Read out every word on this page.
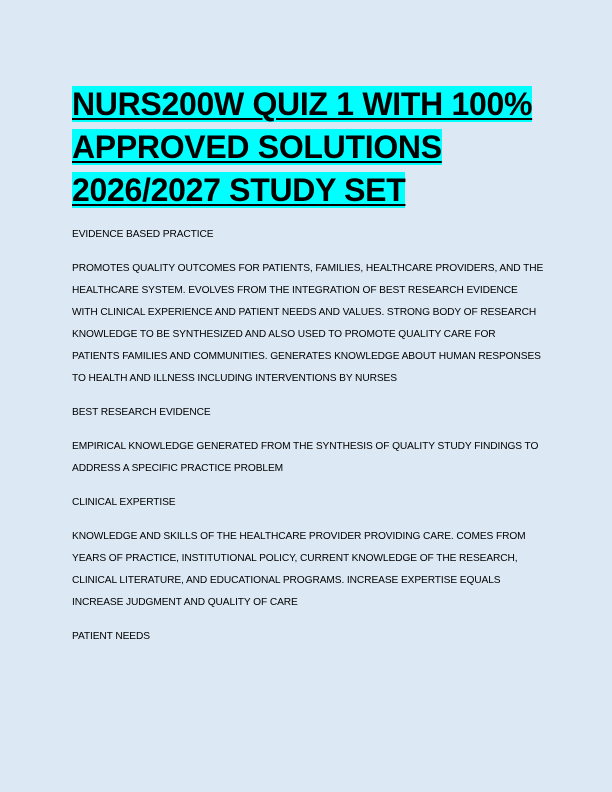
NURS200W QUIZ 1 WITH 100% APPROVED SOLUTIONS 2026/2027 STUDY SET

EVIDENCE BASED PRACTICE

PROMOTES QUALITY OUTCOMES FOR PATIENTS, FAMILIES, HEALTHCARE PROVIDERS, AND THE HEALTHCARE SYSTEM. EVOLVES FROM THE INTEGRATION OF BEST RESEARCH EVIDENCE WITH CLINICAL EXPERIENCE AND PATIENT NEEDS AND VALUES. STRONG BODY OF RESEARCH KNOWLEDGE TO BE SYNTHESIZED AND ALSO USED TO PROMOTE QUALITY CARE FOR PATIENTS FAMILIES AND COMMUNITIES. GENERATES KNOWLEDGE ABOUT HUMAN RESPONSES TO HEALTH AND ILLNESS INCLUDING INTERVENTIONS BY NURSES

BEST RESEARCH EVIDENCE

EMPIRICAL KNOWLEDGE GENERATED FROM THE SYNTHESIS OF QUALITY STUDY FINDINGS TO ADDRESS A SPECIFIC PRACTICE PROBLEM

CLINICAL EXPERTISE

KNOWLEDGE AND SKILLS OF THE HEALTHCARE PROVIDER PROVIDING CARE. COMES FROM YEARS OF PRACTICE, INSTITUTIONAL POLICY, CURRENT KNOWLEDGE OF THE RESEARCH, CLINICAL LITERATURE, AND EDUCATIONAL PROGRAMS. INCREASE EXPERTISE EQUALS INCREASE JUDGMENT AND QUALITY OF CARE

PATIENT NEEDS
